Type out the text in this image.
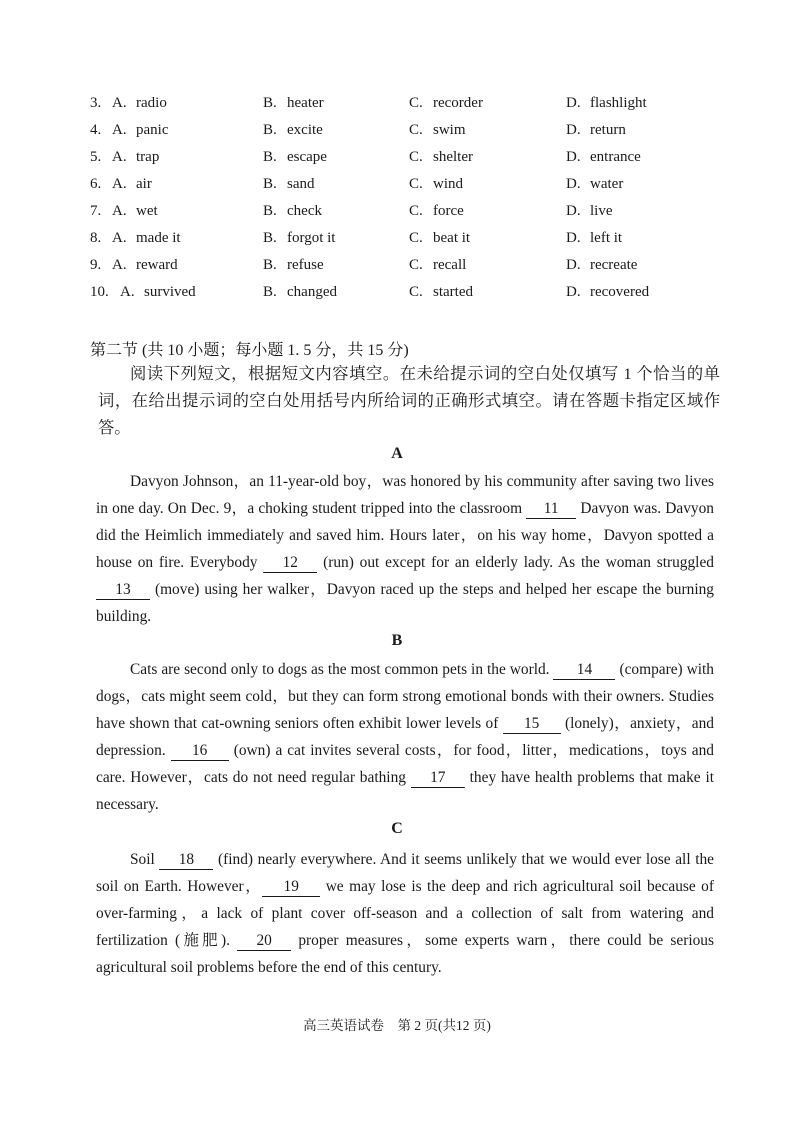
3. A. radio	B. heater	C. recorder	D. flashlight
4. A. panic	B. excite	C. swim	D. return
5. A. trap	B. escape	C. shelter	D. entrance
6. A. air	B. sand	C. wind	D. water
7. A. wet	B. check	C. force	D. live
8. A. made it	B. forgot it	C. beat it	D. left it
9. A. reward	B. refuse	C. recall	D. recreate
10. A. survived	B. changed	C. started	D. recovered
第二节 (共 10 小题；每小题 1. 5 分，共 15 分)

阅读下列短文，根据短文内容填空。在未给提示词的空白处仅填写 1 个恰当的单词，在给出提示词的空白处用括号内所给词的正确形式填空。请在答题卡指定区域作答。

A

Davyon Johnson，an 11-year-old boy，was honored by his community after saving two lives in one day. On Dec. 9，a choking student tripped into the classroom 11 Davyon was. Davyon did the Heimlich immediately and saved him. Hours later，on his way home，Davyon spotted a house on fire. Everybody 12 (run) out except for an elderly lady. As the woman struggled 13 (move) using her walker，Davyon raced up the steps and helped her escape the burning building.

B

Cats are second only to dogs as the most common pets in the world. 14 (compare) with dogs，cats might seem cold，but they can form strong emotional bonds with their owners. Studies have shown that cat-owning seniors often exhibit lower levels of 15 (lonely)，anxiety，and depression. 16 (own) a cat invites several costs，for food，litter，medications，toys and care. However，cats do not need regular bathing 17 they have health problems that make it necessary.

C

Soil 18 (find) nearly everywhere. And it seems unlikely that we would ever lose all the soil on Earth. However， 19 we may lose is the deep and rich agricultural soil because of over-farming，a lack of plant cover off-season and a collection of salt from watering and fertilization (施肥). 20 proper measures，some experts warn，there could be serious agricultural soil problems before the end of this century.

高三英语试卷　第 2 页(共12 页)
